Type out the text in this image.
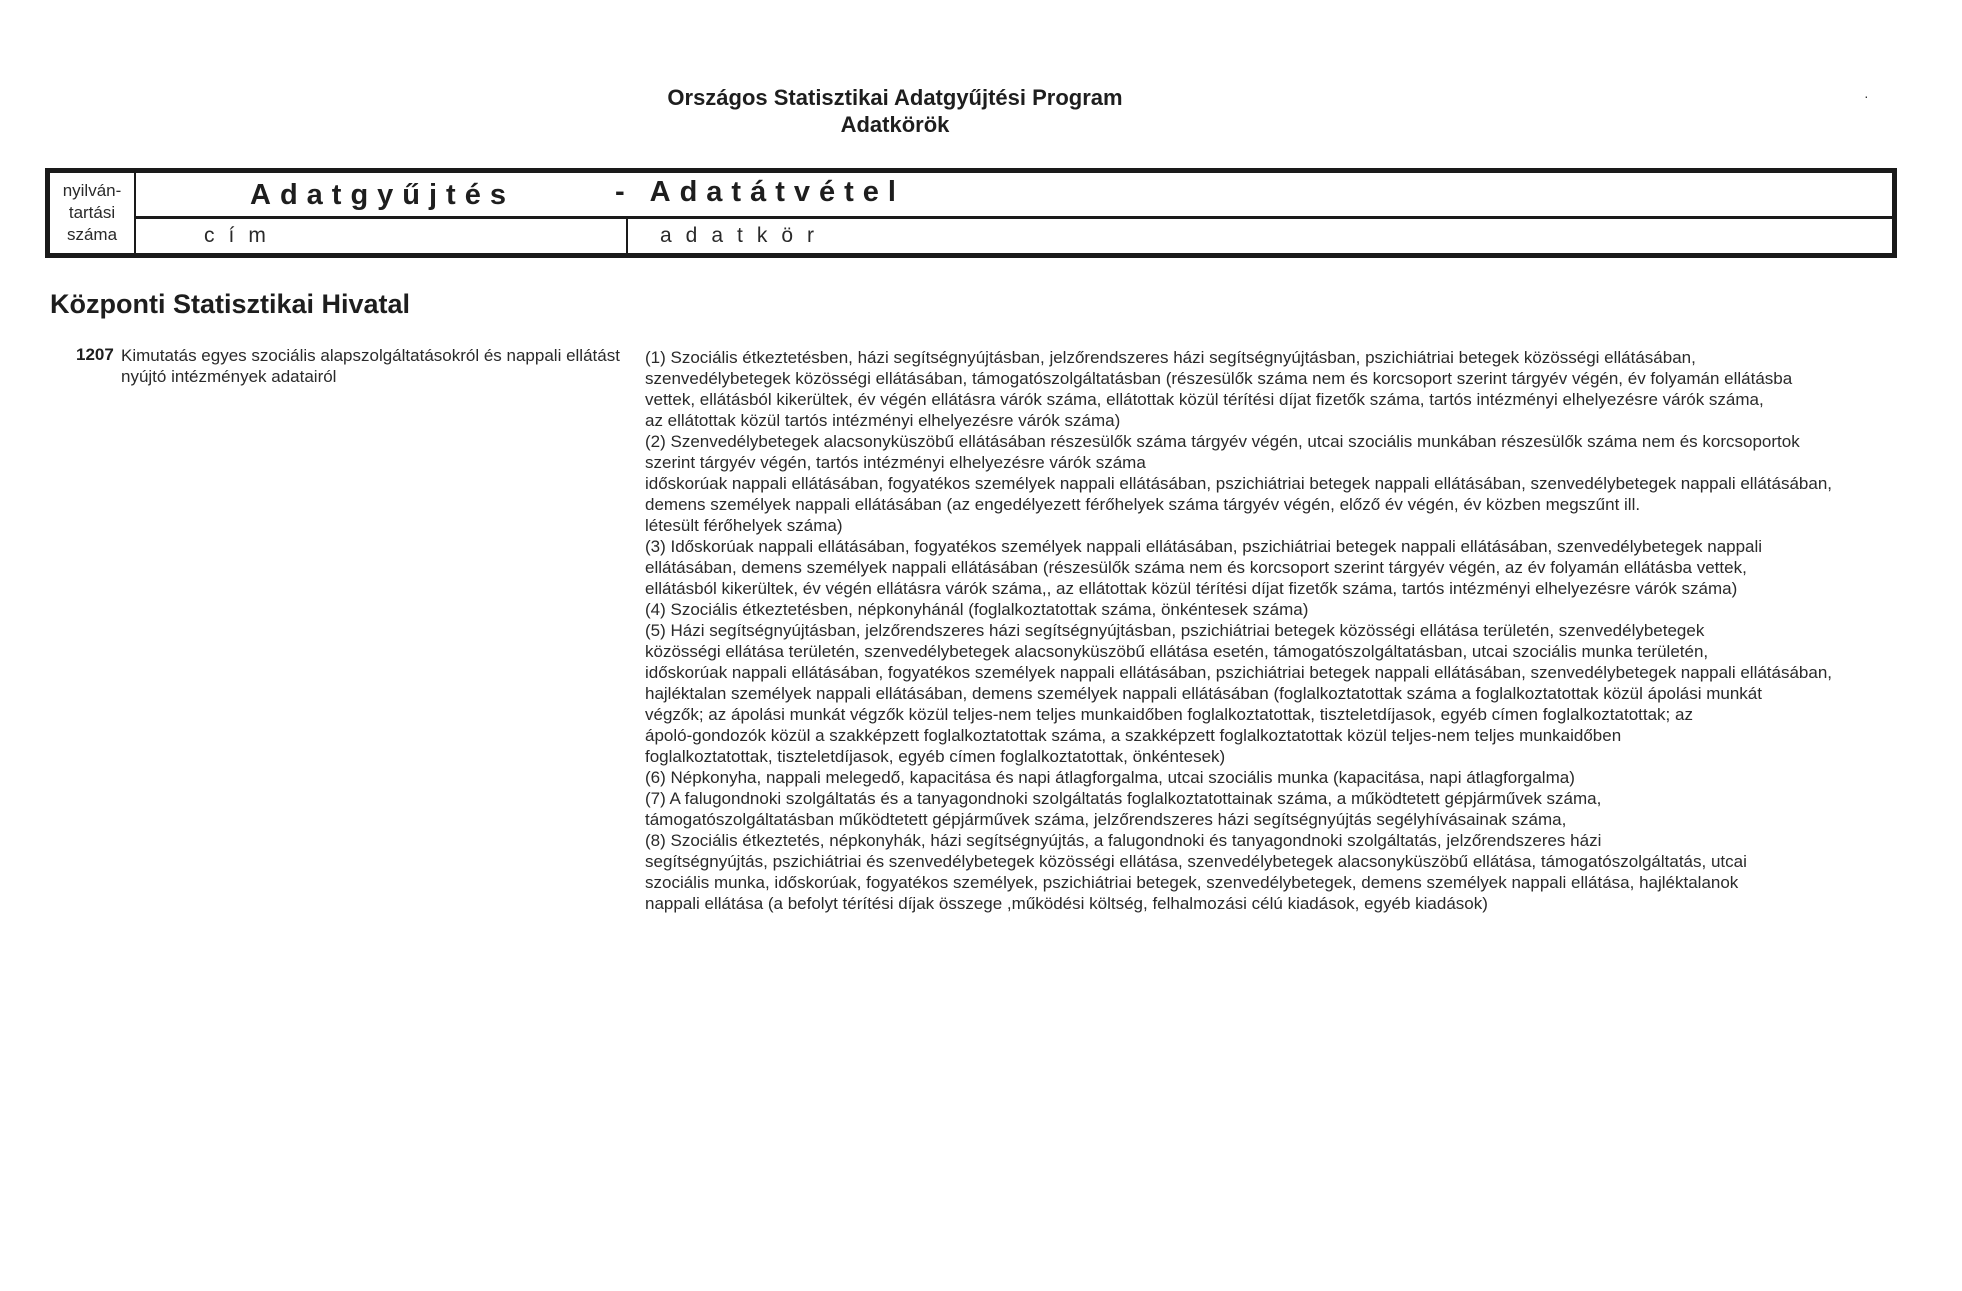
Országos Statisztikai Adatgyűjtési Program
Adatkörök
·
nyilván-
tartási
száma
Adatgyűjtés	- Adatátvétel
cím	adatkör
Központi Statisztikai Hivatal
1207 Kimutatás egyes szociális alapszolgáltatásokról és nappali ellátást
nyújtó intézmények adatairól
(1) Szociális étkeztetésben, házi segítségnyújtásban, jelzőrendszeres házi segítségnyújtásban, pszichiátriai betegek közösségi ellátásában,
szenvedélybetegek közösségi ellátásában, támogatószolgáltatásban (részesülők száma nem és korcsoport szerint tárgyév végén, év folyamán ellátásba
vettek, ellátásból kikerültek, év végén ellátásra várók száma, ellátottak közül térítési díjat fizetők száma, tartós intézményi elhelyezésre várók száma,
az ellátottak közül tartós intézményi elhelyezésre várók száma)
(2) Szenvedélybetegek alacsonyküszöbű ellátásában részesülők száma tárgyév végén, utcai szociális munkában részesülők száma nem és korcsoportok
szerint tárgyév végén, tartós intézményi elhelyezésre várók száma
időskorúak nappali ellátásában, fogyatékos személyek nappali ellátásában, pszichiátriai betegek nappali ellátásában, szenvedélybetegek nappali ellátásában,
demens személyek nappali ellátásában (az engedélyezett férőhelyek száma tárgyév végén, előző év végén, év közben megszűnt ill.
létesült férőhelyek száma)
(3) Időskorúak nappali ellátásában, fogyatékos személyek nappali ellátásában, pszichiátriai betegek nappali ellátásában, szenvedélybetegek nappali
ellátásában, demens személyek nappali ellátásában (részesülők száma nem és korcsoport szerint tárgyév végén, az év folyamán ellátásba vettek,
ellátásból kikerültek, év végén ellátásra várók száma,, az ellátottak közül térítési díjat fizetők száma, tartós intézményi elhelyezésre várók száma)
(4) Szociális étkeztetésben, népkonyhánál (foglalkoztatottak száma, önkéntesek száma)
(5) Házi segítségnyújtásban, jelzőrendszeres házi segítségnyújtásban, pszichiátriai betegek közösségi ellátása területén, szenvedélybetegek
közösségi ellátása területén, szenvedélybetegek alacsonyküszöbű ellátása esetén, támogatószolgáltatásban, utcai szociális munka területén,
időskorúak nappali ellátásában, fogyatékos személyek nappali ellátásában, pszichiátriai betegek nappali ellátásában, szenvedélybetegek nappali ellátásában,
hajléktalan személyek nappali ellátásában, demens személyek nappali ellátásában (foglalkoztatottak száma a foglalkoztatottak közül ápolási munkát
végzők; az ápolási munkát végzők közül teljes-nem teljes munkaidőben foglalkoztatottak, tiszteletdíjasok, egyéb címen foglalkoztatottak; az
ápoló-gondozók közül a szakképzett foglalkoztatottak száma, a szakképzett foglalkoztatottak közül teljes-nem teljes munkaidőben
foglalkoztatottak, tiszteletdíjasok, egyéb címen foglalkoztatottak, önkéntesek)
(6) Népkonyha, nappali melegedő, kapacitása és napi átlagforgalma, utcai szociális munka (kapacitása, napi átlagforgalma)
(7) A falugondnoki szolgáltatás és a tanyagondnoki szolgáltatás foglalkoztatottainak száma, a működtetett gépjárművek száma,
támogatószolgáltatásban működtetett gépjárművek száma, jelzőrendszeres házi segítségnyújtás segélyhívásainak száma,
(8) Szociális étkeztetés, népkonyhák, házi segítségnyújtás, a falugondnoki és tanyagondnoki szolgáltatás, jelzőrendszeres házi
segítségnyújtás, pszichiátriai és szenvedélybetegek közösségi ellátása, szenvedélybetegek alacsonyküszöbű ellátása, támogatószolgáltatás, utcai
szociális munka, időskorúak, fogyatékos személyek, pszichiátriai betegek, szenvedélybetegek, demens személyek nappali ellátása, hajléktalanok
nappali ellátása (a befolyt térítési díjak összege ,működési költség, felhalmozási célú kiadások, egyéb kiadások)
